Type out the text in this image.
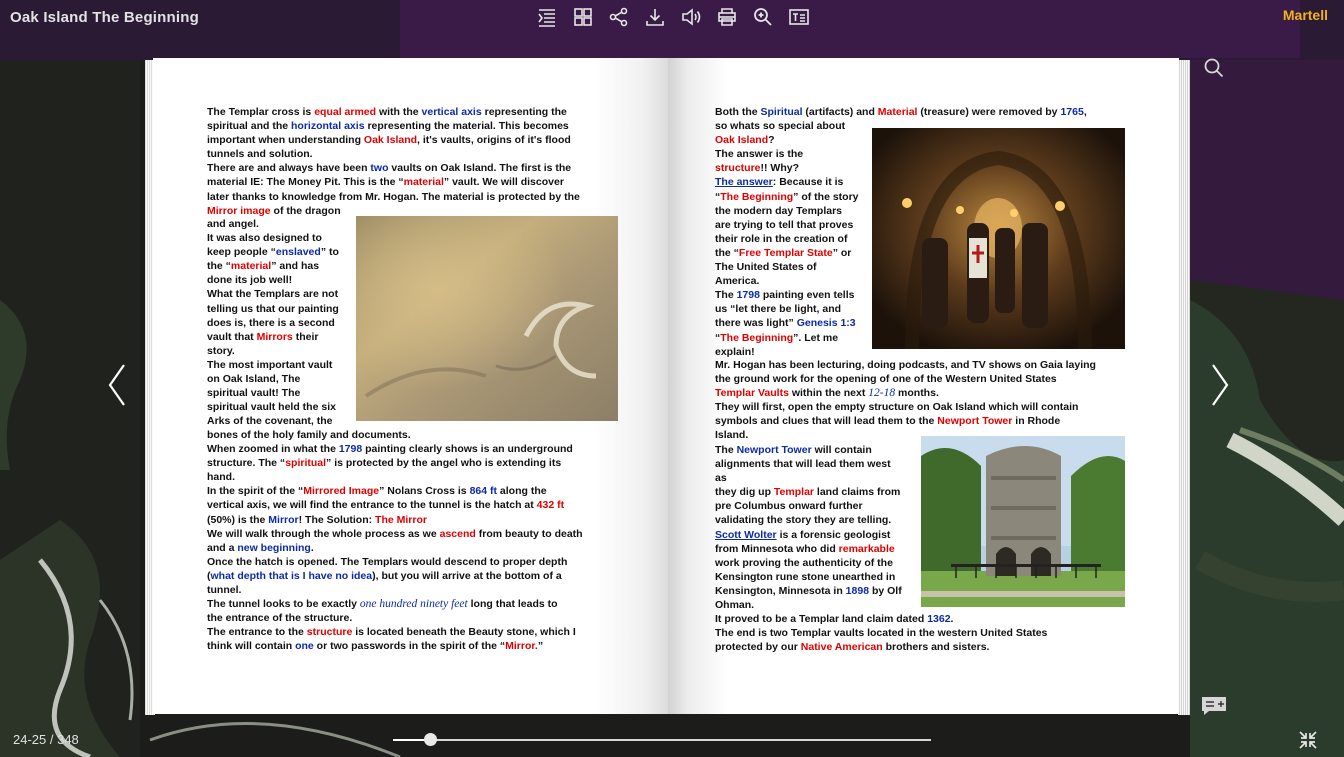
Oak Island The Beginning	Martell

The Templar cross is equal armed with the vertical axis representing the

spiritual and the horizontal axis representing the material. This becomes

important when understanding Oak Island, it's vaults, origins of it's flood

tunnels and solution.

There are and always have been two vaults on Oak Island. The first is the

material IE: The Money Pit. This is the “material” vault. We will discover

later thanks to knowledge from Mr. Hogan. The material is protected by the

Mirror image of the dragon

and angel.

It was also designed to

keep people “enslaved” to

the “material” and has

done its job well!

What the Templars are not

telling us that our painting

does is, there is a second

vault that Mirrors their

story.

The most important vault

on Oak Island, The

spiritual vault! The

spiritual vault held the six

Arks of the covenant, the

bones of the holy family and documents.

When zoomed in what the 1798 painting clearly shows is an underground

structure. The “spiritual” is protected by the angel who is extending its

hand.

In the spirit of the “Mirrored Image” Nolans Cross is 864 ft along the

vertical axis, we will find the entrance to the tunnel is the hatch at 432 ft

(50%) is the Mirror! The Solution: The Mirror

We will walk through the whole process as we ascend from beauty to death

and a new beginning.

Once the hatch is opened. The Templars would descend to proper depth

(what depth that is I have no idea), but you will arrive at the bottom of a

tunnel.

The tunnel looks to be exactly one hundred ninety feet long that leads to

the entrance of the structure.

The entrance to the structure is located beneath the Beauty stone, which I

think will contain one or two passwords in the spirit of the “Mirror.”

Both the Spiritual (artifacts) and Material (treasure) were removed by 1765,

so whats so special about

Oak Island?

The answer is the

structure!! Why?

The answer: Because it is

“The Beginning” of the story

the modern day Templars

are trying to tell that proves

their role in the creation of

the “Free Templar State” or

The United States of

America.

The 1798 painting even tells

us “let there be light, and

there was light” Genesis 1:3

“The Beginning”. Let me

explain!

Mr. Hogan has been lecturing, doing podcasts, and TV shows on Gaia laying

the ground work for the opening of one of the Western United States

Templar Vaults within the next 12-18 months.

They will first, open the empty structure on Oak Island which will contain

symbols and clues that will lead them to the Newport Tower in Rhode

Island.

The Newport Tower will contain

alignments that will lead them west

as

they dig up Templar land claims from

pre Columbus onward further

validating the story they are telling.

Scott Wolter is a forensic geologist

from Minnesota who did remarkable

work proving the authenticity of the

Kensington rune stone unearthed in

Kensington, Minnesota in 1898 by Olf

Ohman.

It proved to be a Templar land claim dated 1362.

The end is two Templar vaults located in the western United States

protected by our Native American brothers and sisters.

24-25 / 348
